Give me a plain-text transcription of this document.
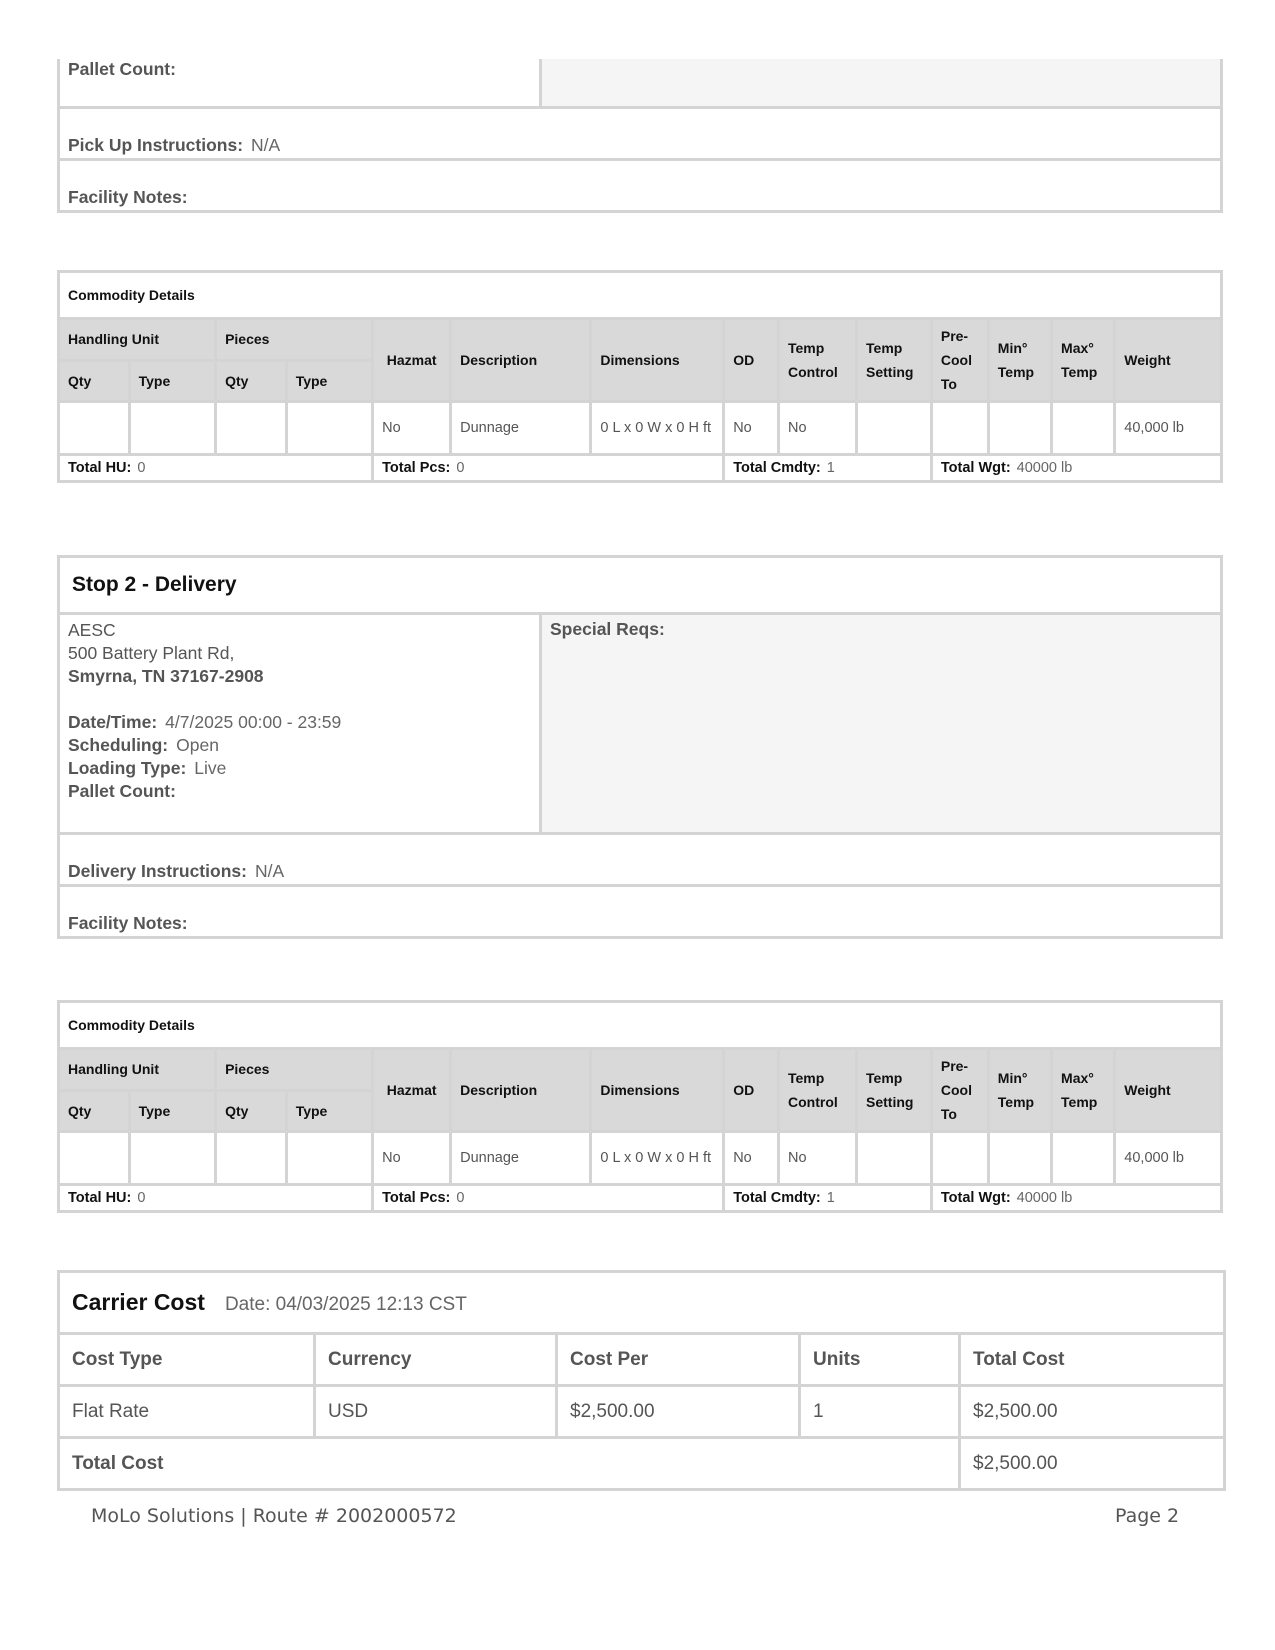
Pallet Count:
Pick Up Instructions: N/A
Facility Notes:
Commodity Details													
Handling Unit		Pieces		Hazmat	Description	Dimensions	OD	Temp Control	Temp Setting	Pre-Cool To	Min° Temp	Max° Temp	Weight
Qty	Type	Qty	Type										
				No	Dunnage	0 L x 0 W x 0 H ft	No	No					40,000 lb
Total HU: 0				Total Pcs: 0			Total Cmdty: 1			Total Wgt: 40000 lb			
Stop 2 - Delivery
AESC
500 Battery Plant Rd,
Smyrna, TN 37167-2908
Date/Time: 4/7/2025 00:00 - 23:59
Scheduling: Open
Loading Type: Live
Pallet Count:
Special Reqs:
Delivery Instructions: N/A
Facility Notes:
Commodity Details													
Handling Unit		Pieces		Hazmat	Description	Dimensions	OD	Temp Control	Temp Setting	Pre-Cool To	Min° Temp	Max° Temp	Weight
Qty	Type	Qty	Type										
				No	Dunnage	0 L x 0 W x 0 H ft	No	No					40,000 lb
Total HU: 0				Total Pcs: 0			Total Cmdty: 1			Total Wgt: 40000 lb			
Carrier Cost Date: 04/03/2025 12:13 CST				
Cost Type	Currency	Cost Per	Units	Total Cost
Flat Rate	USD	$2,500.00	1	$2,500.00
Total Cost				$2,500.00
MoLo Solutions | Route # 2002000572	Page 2
